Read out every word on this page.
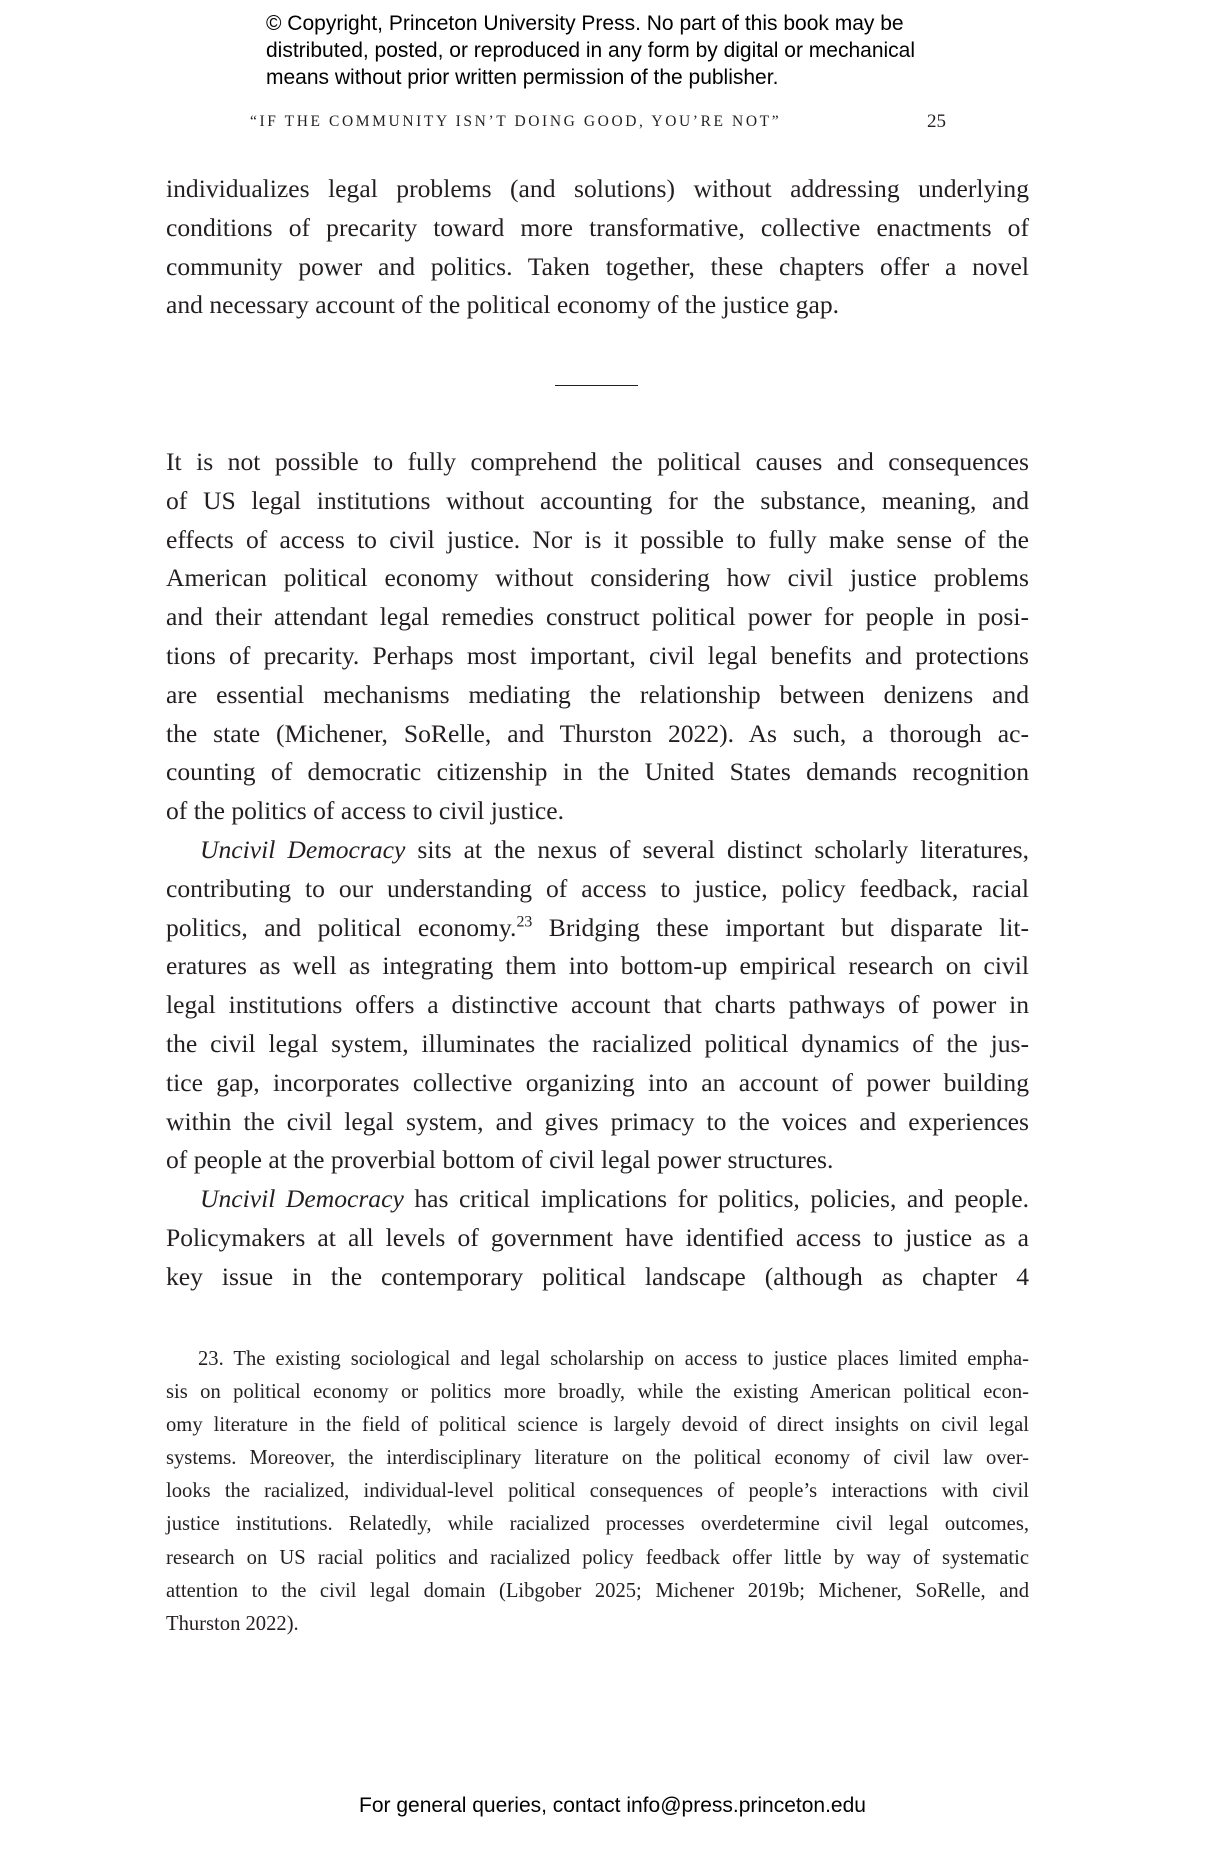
© Copyright, Princeton University Press. No part of this book may be
distributed, posted, or reproduced in any form by digital or mechanical
means without prior written permission of the publisher.
“IF THE COMMUNITY ISN’T DOING GOOD, YOU’RE NOT”	25
individualizes legal problems (and solutions) without addressing underlying
conditions of precarity toward more transformative, collective enactments of
community power and politics. Taken together, these chapters offer a novel
and necessary account of the political economy of the justice gap.
It is not possible to fully comprehend the political causes and consequences
of US legal institutions without accounting for the substance, meaning, and
effects of access to civil justice. Nor is it possible to fully make sense of the
American political economy without considering how civil justice problems
and their attendant legal remedies construct political power for people in posi-
tions of precarity. Perhaps most important, civil legal benefits and protections
are essential mechanisms mediating the relationship between denizens and
the state (Michener, SoRelle, and Thurston 2022). As such, a thorough ac-
counting of democratic citizenship in the United States demands recognition
of the politics of access to civil justice.
Uncivil Democracy sits at the nexus of several distinct scholarly literatures,
contributing to our understanding of access to justice, policy feedback, racial
politics, and political economy.$^{23}$ Bridging these important but disparate lit-
eratures as well as integrating them into bottom-up empirical research on civil
legal institutions offers a distinctive account that charts pathways of power in
the civil legal system, illuminates the racialized political dynamics of the jus-
tice gap, incorporates collective organizing into an account of power building
within the civil legal system, and gives primacy to the voices and experiences
of people at the proverbial bottom of civil legal power structures.
Uncivil Democracy has critical implications for politics, policies, and people.
Policymakers at all levels of government have identified access to justice as a
key issue in the contemporary political landscape (although as chapter 4
23. The existing sociological and legal scholarship on access to justice places limited empha-
sis on political economy or politics more broadly, while the existing American political econ-
omy literature in the field of political science is largely devoid of direct insights on civil legal
systems. Moreover, the interdisciplinary literature on the political economy of civil law over-
looks the racialized, individual-level political consequences of people’s interactions with civil
justice institutions. Relatedly, while racialized processes overdetermine civil legal outcomes,
research on US racial politics and racialized policy feedback offer little by way of systematic
attention to the civil legal domain (Libgober 2025; Michener 2019b; Michener, SoRelle, and
Thurston 2022).
For general queries, contact info@press.princeton.edu
